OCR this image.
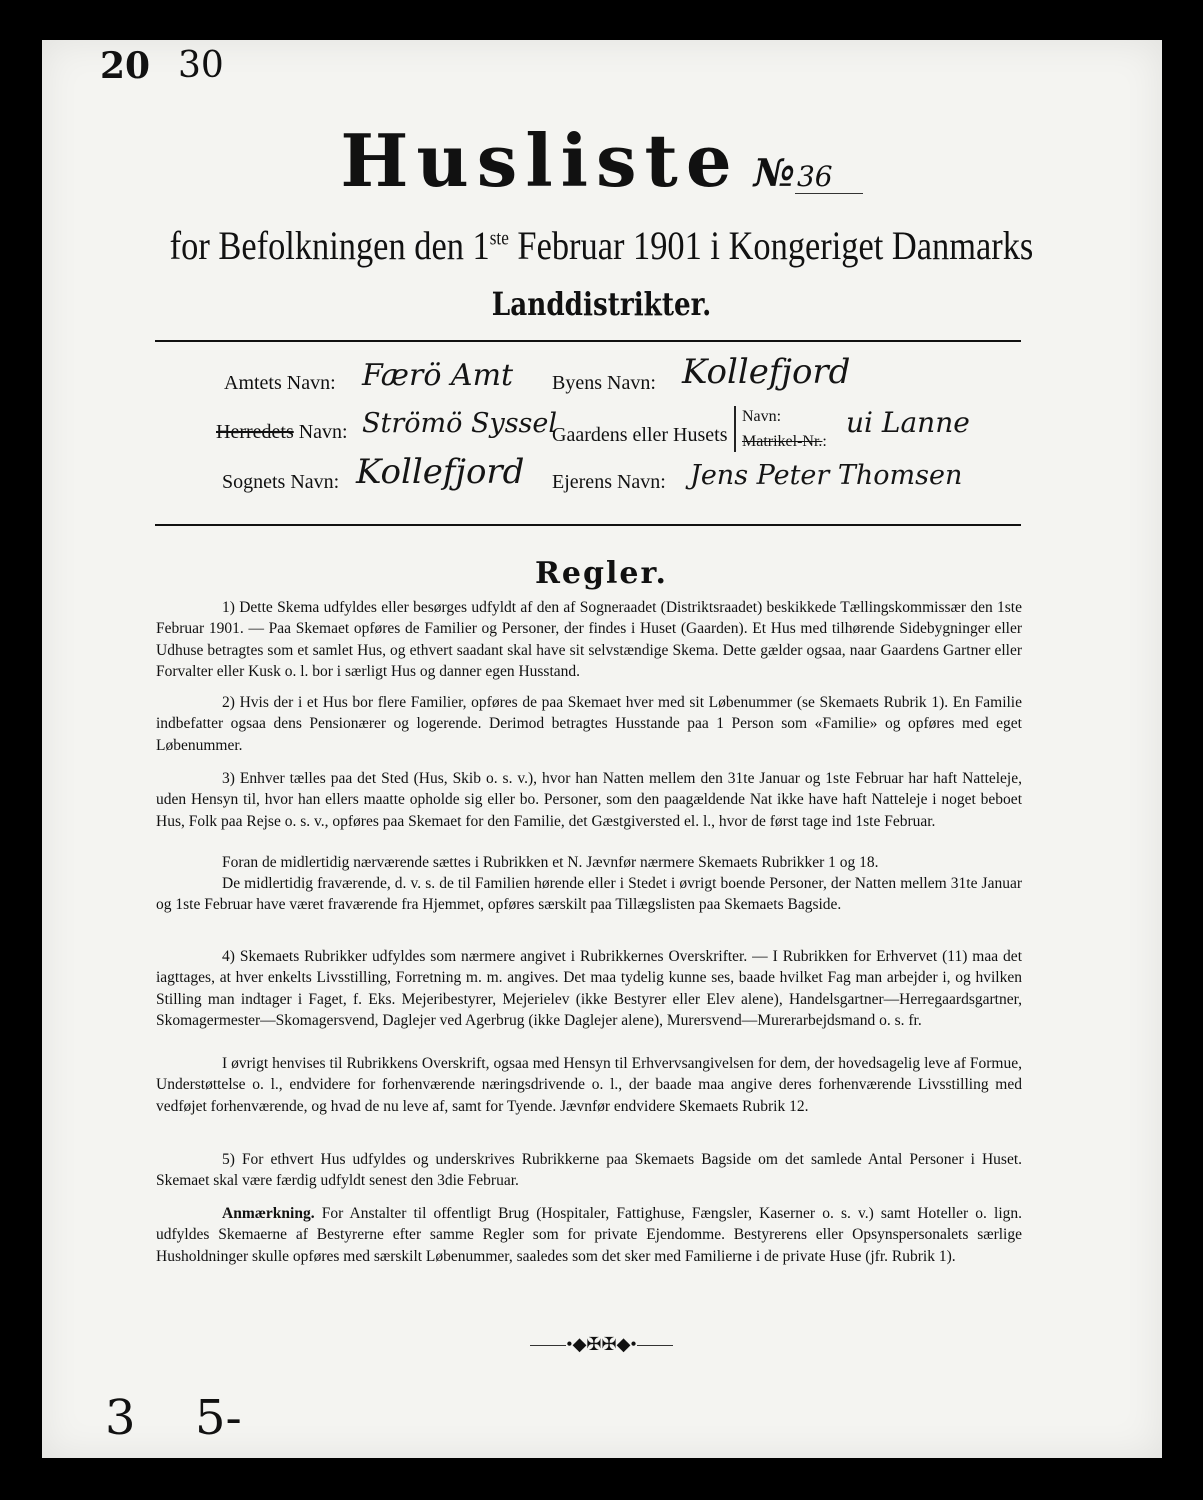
20 30
Husliste №36
for Befolkningen den 1ste Februar 1901 i Kongeriget Danmarks
Landdistrikter.
Amtets Navn: Færö Amt
Herredets Navn: Strömö Syssel
Sognets Navn: Kollefjord
Byens Navn: Kollefjord
Gaardens eller Husets
Navn:
Matrikel-Nr.:
ui Lanne
Ejerens Navn: Jens Peter Thomsen
Regler.
1) Dette Skema udfyldes eller besørges udfyldt af den af Sogneraadet (Distriktsraadet) beskikkede Tællingskommissær den 1ste Februar 1901. — Paa Skemaet opføres de Familier og Personer, der findes i Huset (Gaarden). Et Hus med tilhørende Sidebygninger eller Udhuse betragtes som et samlet Hus, og ethvert saadant skal have sit selvstændige Skema. Dette gælder ogsaa, naar Gaardens Gartner eller Forvalter eller Kusk o. l. bor i særligt Hus og danner egen Husstand.
2) Hvis der i et Hus bor flere Familier, opføres de paa Skemaet hver med sit Løbenummer (se Skemaets Rubrik 1). En Familie indbefatter ogsaa dens Pensionærer og logerende. Derimod betragtes Husstande paa 1 Person som «Familie» og opføres med eget Løbenummer.
3) Enhver tælles paa det Sted (Hus, Skib o. s. v.), hvor han Natten mellem den 31te Januar og 1ste Februar har haft Natteleje, uden Hensyn til, hvor han ellers maatte opholde sig eller bo. Personer, som den paagældende Nat ikke have haft Natteleje i noget beboet Hus, Folk paa Rejse o. s. v., opføres paa Skemaet for den Familie, det Gæstgiversted el. l., hvor de først tage ind 1ste Februar.
Foran de midlertidig nærværende sættes i Rubrikken et N. Jævnfør nærmere Skemaets Rubrikker 1 og 18.
De midlertidig fraværende, d. v. s. de til Familien hørende eller i Stedet i øvrigt boende Personer, der Natten mellem 31te Januar og 1ste Februar have været fraværende fra Hjemmet, opføres særskilt paa Tillægslisten paa Skemaets Bagside.
4) Skemaets Rubrikker udfyldes som nærmere angivet i Rubrikkernes Overskrifter. — I Rubrikken for Erhvervet (11) maa det iagttages, at hver enkelts Livsstilling, Forretning m. m. angives. Det maa tydelig kunne ses, baade hvilket Fag man arbejder i, og hvilken Stilling man indtager i Faget, f. Eks. Mejeribestyrer, Mejerielev (ikke Bestyrer eller Elev alene), Handelsgartner—Herregaardsgartner, Skomagermester—Skomagersvend, Daglejer ved Agerbrug (ikke Daglejer alene), Murersvend—Murerarbejdsmand o. s. fr.
I øvrigt henvises til Rubrikkens Overskrift, ogsaa med Hensyn til Erhvervsangivelsen for dem, der hovedsagelig leve af Formue, Understøttelse o. l., endvidere for forhenværende næringsdrivende o. l., der baade maa angive deres forhenværende Livsstilling med vedføjet forhenværende, og hvad de nu leve af, samt for Tyende. Jævnfør endvidere Skemaets Rubrik 12.
5) For ethvert Hus udfyldes og underskrives Rubrikkerne paa Skemaets Bagside om det samlede Antal Personer i Huset. Skemaet skal være færdig udfyldt senest den 3die Februar.
Anmærkning. For Anstalter til offentligt Brug (Hospitaler, Fattighuse, Fængsler, Kaserner o. s. v.) samt Hoteller o. lign. udfyldes Skemaerne af Bestyrerne efter samme Regler som for private Ejendomme. Bestyrerens eller Opsynspersonalets særlige Husholdninger skulle opføres med særskilt Løbenummer, saaledes som det sker med Familierne i de private Huse (jfr. Rubrik 1).
•◆✠✠◆•
3 5-
